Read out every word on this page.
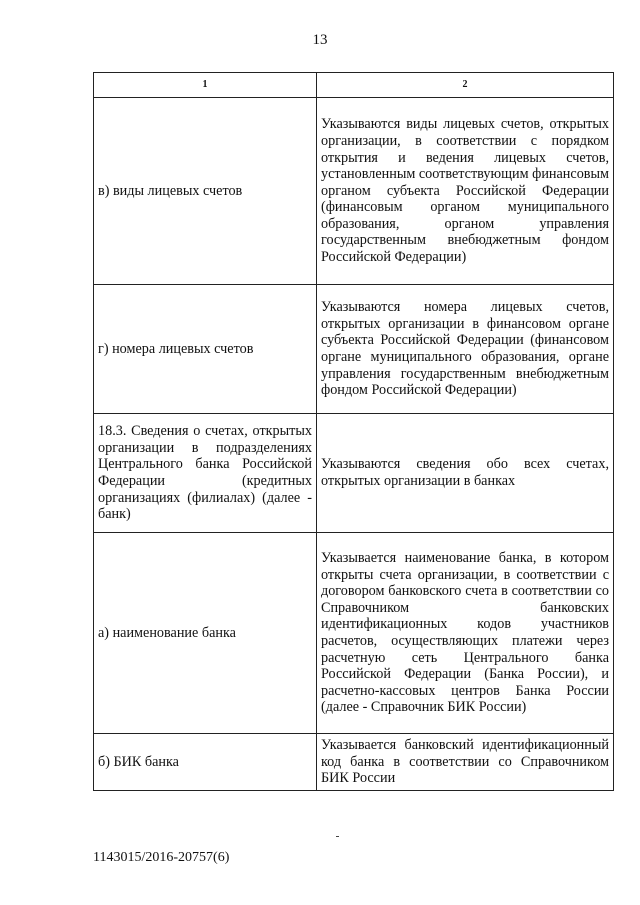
13
1	2
в) виды лицевых счетов	Указываются виды лицевых счетов, открытых организации, в соответствии с порядком открытия и ведения лицевых счетов, установленным соответствующим финансовым органом субъекта Российской Федерации (финансовым органом муниципального образования, органом управления государственным внебюджетным фондом Российской Федерации)
г) номера лицевых счетов	Указываются номера лицевых счетов, открытых организации в финансовом органе субъекта Российской Федерации (финансовом органе муниципального образования, органе управления государственным внебюджетным фондом Российской Федерации)
18.3. Сведения о счетах, открытых организации в подразделениях Центрального банка Российской Федерации (кредитных организациях (филиалах) (далее - банк)	Указываются сведения обо всех счетах, открытых организации в банках
а) наименование банка	Указывается наименование банка, в котором открыты счета организации, в соответствии с договором банковского счета в соответствии со Справочником банковских идентификационных кодов участников расчетов, осуществляющих платежи через расчетную сеть Центрального банка Российской Федерации (Банка России), и расчетно-кассовых центров Банка России (далее - Справочник БИК России)
б) БИК банка	Указывается банковский идентификационный код банка в соответствии со Справочником БИК России
1143015/2016-20757(6)
